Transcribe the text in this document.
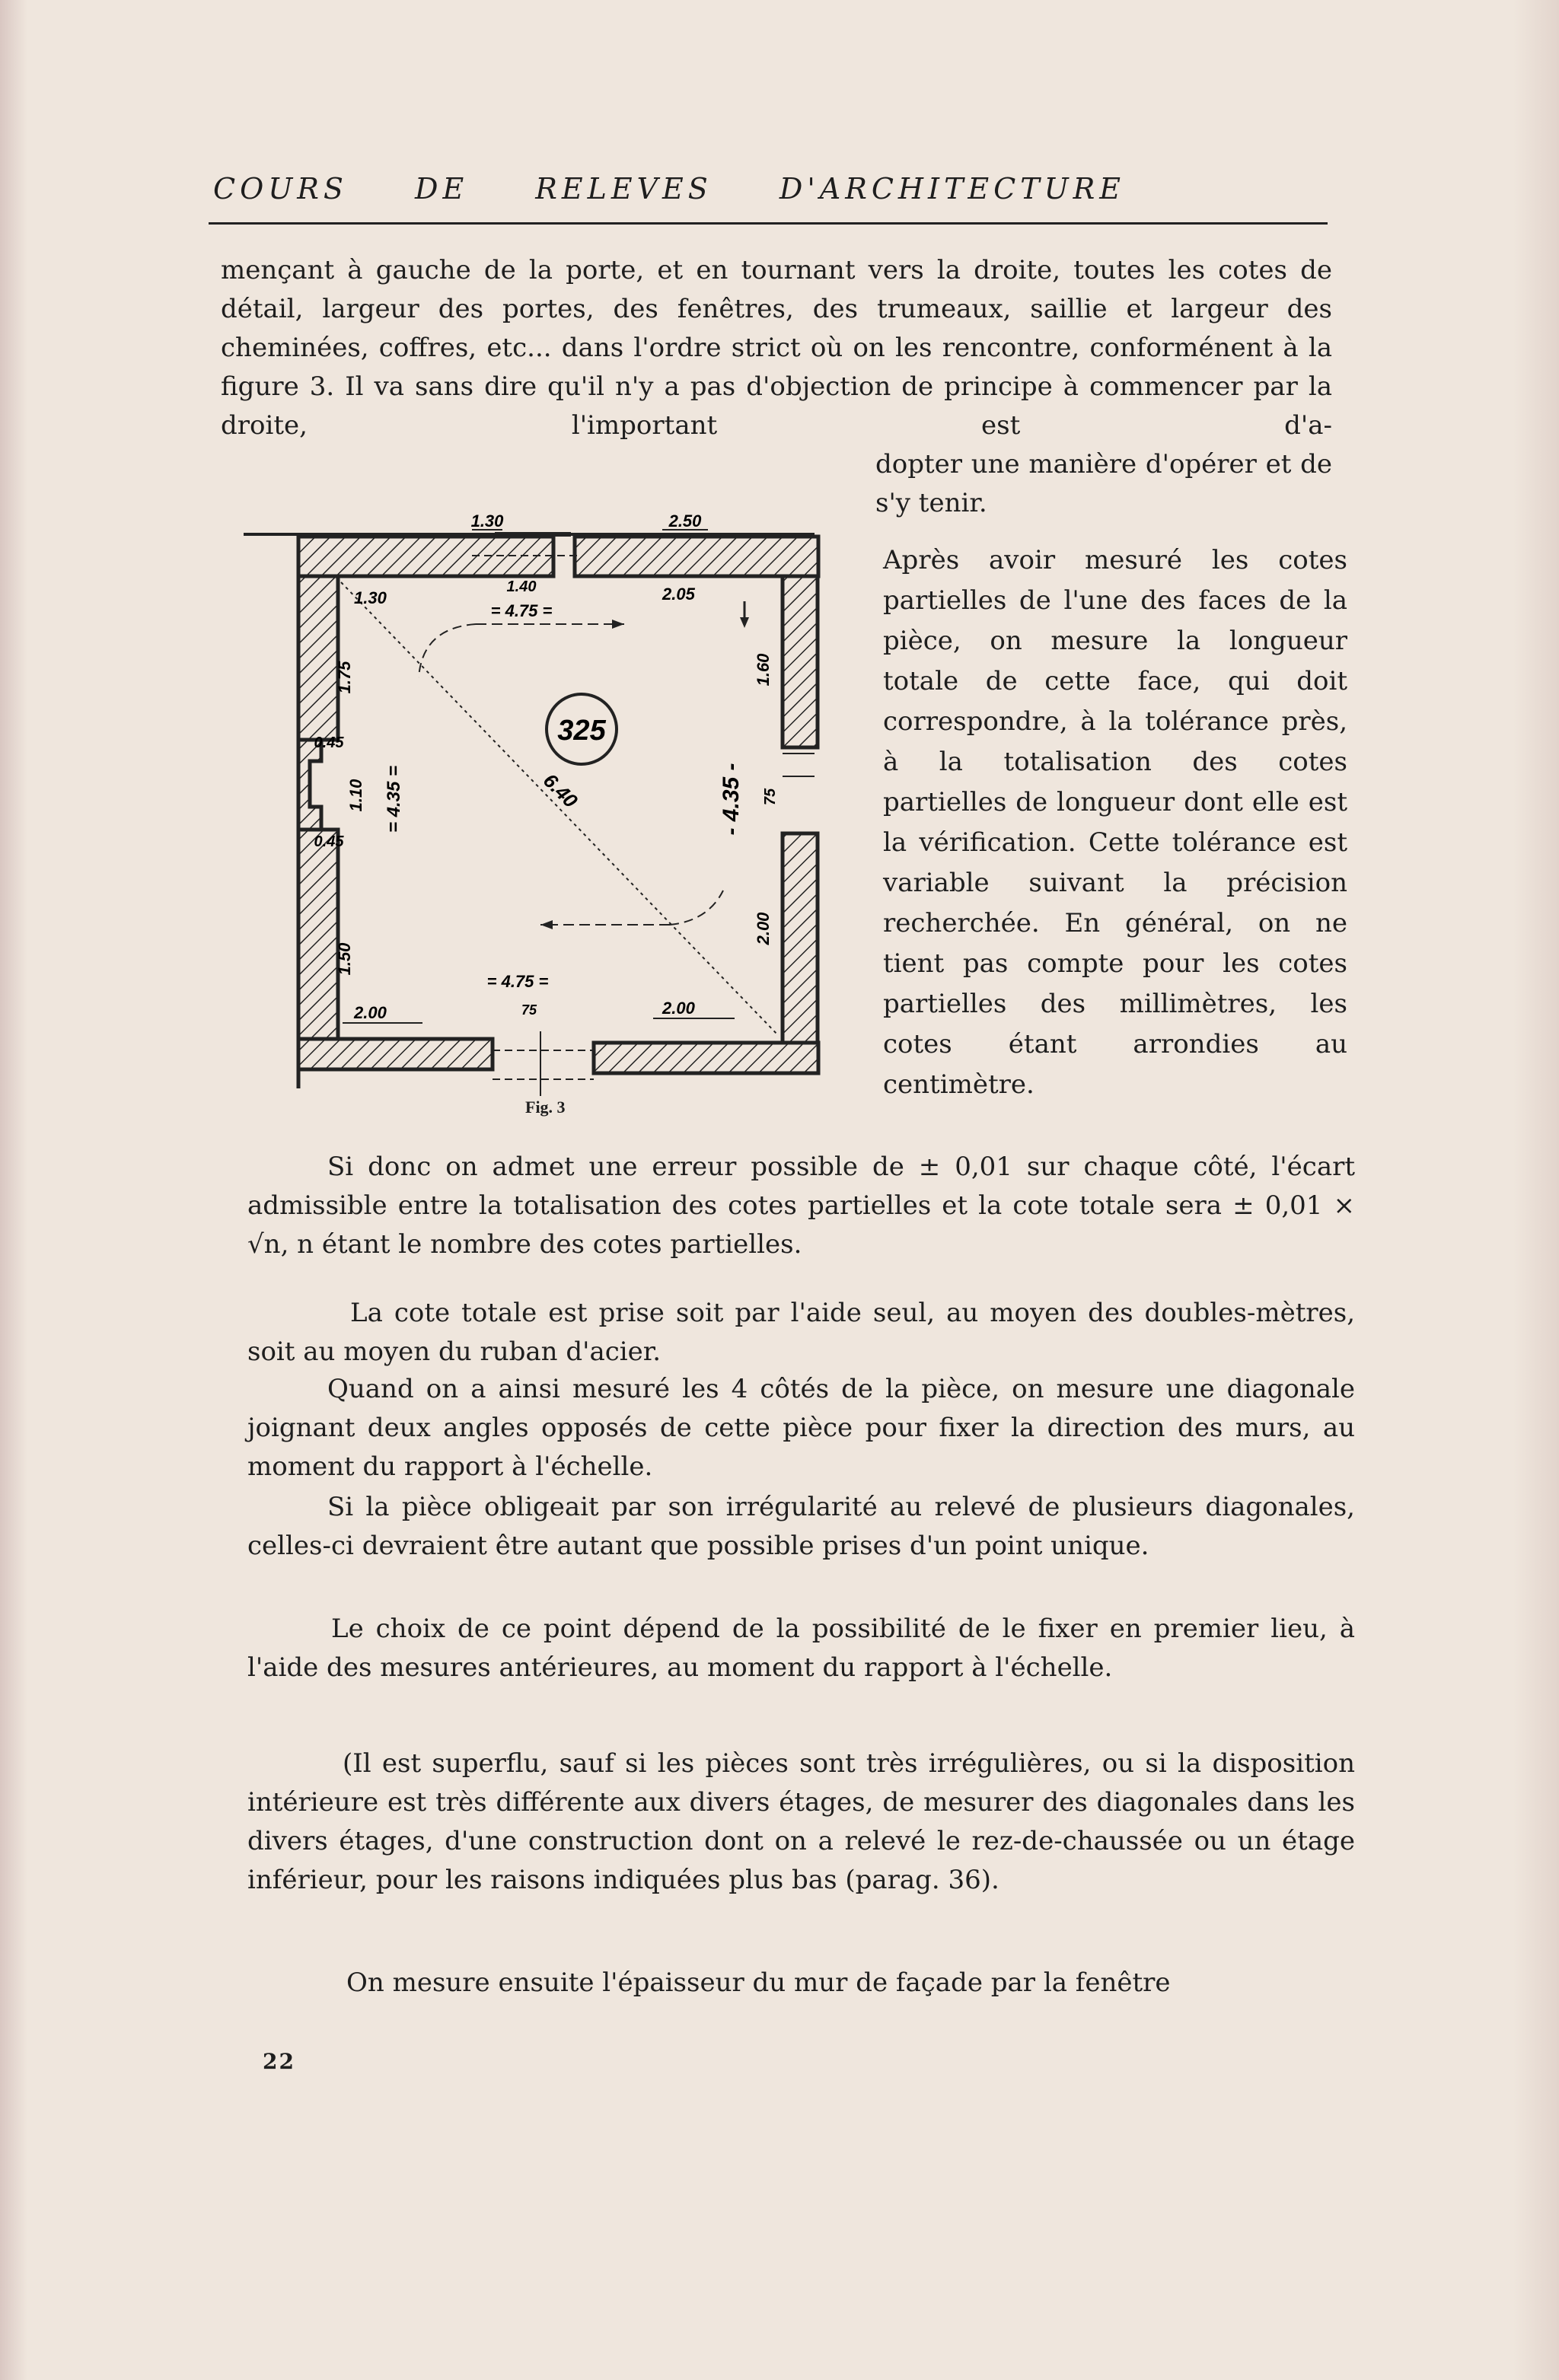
COURS DE RELEVES D'ARCHITECTURE

mençant à gauche de la porte, et en tournant vers la droite, toutes les cotes de détail, largeur des portes, des fenêtres, des trumeaux, saillie et largeur des cheminées, coffres, etc... dans l'ordre strict où on les rencontre, conforménent à la figure 3. Il va sans dire qu'il n'y a pas d'objection de principe à commencer par la droite, l'important est d'a-

dopter une manière d'opérer et de s'y tenir.

Après avoir mesuré les cotes partielles de l'une des faces de la pièce, on mesure la longueur totale de cette face, qui doit correspondre, à la tolérance près, à la totalisation des cotes partielles de longueur dont elle est la vérification. Cette tolérance est variable suivant la précision recherchée. En général, on ne tient pas compte pour les cotes partielles des millimètres, les cotes étant arrondies au centimètre.

325
1.30	2.50
1.30
1.40	2.05
= 4.75 =
1.75
0.45
1.10
0.45
1.50
= 4.35 =
1.60
75
2.00
- 4.35 -
6.40
2.00	75	2.00
= 4.75 =
Fig. 3

Si donc on admet une erreur possible de ± 0,01 sur chaque côté, l'écart admissible entre la totalisation des cotes partielles et la cote totale sera ± 0,01 × √n, n étant le nombre des cotes partielles.

La cote totale est prise soit par l'aide seul, au moyen des doubles-mètres, soit au moyen du ruban d'acier.

Quand on a ainsi mesuré les 4 côtés de la pièce, on mesure une diagonale joignant deux angles opposés de cette pièce pour fixer la direction des murs, au moment du rapport à l'échelle.

Si la pièce obligeait par son irrégularité au relevé de plusieurs diagonales, celles-ci devraient être autant que possible prises d'un point unique.

Le choix de ce point dépend de la possibilité de le fixer en premier lieu, à l'aide des mesures antérieures, au moment du rapport à l'échelle.

(Il est superflu, sauf si les pièces sont très irrégulières, ou si la disposition intérieure est très différente aux divers étages, de mesurer des diagonales dans les divers étages, d'une construction dont on a relevé le rez-de-chaussée ou un étage inférieur, pour les raisons indiquées plus bas (parag. 36).

On mesure ensuite l'épaisseur du mur de façade par la fenêtre

22
